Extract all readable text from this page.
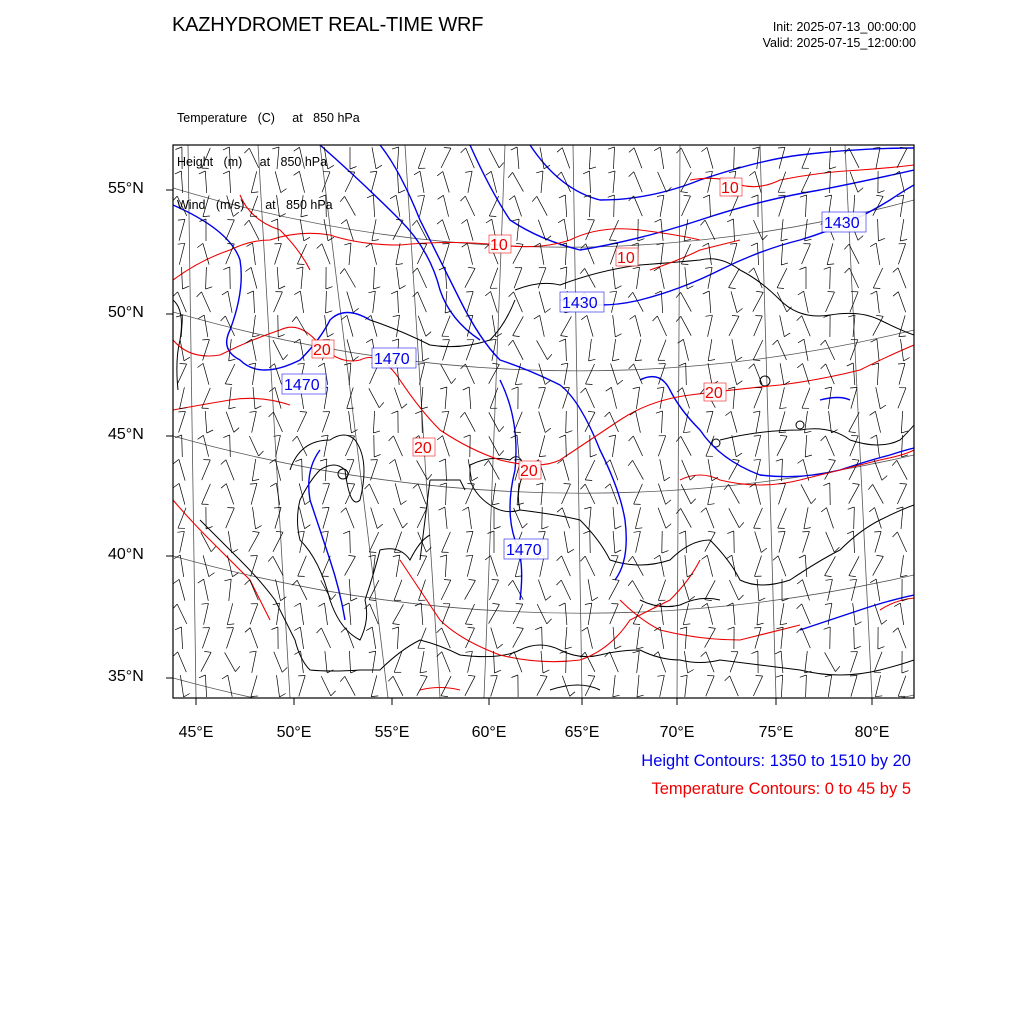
1430
1430
1470
1470
1470
10
10
10
20
20
20
20
KAZHYDROMET REAL-TIME WRF	Init: 2025-07-13_00:00:00
Valid: 2025-07-15_12:00:00

Temperature   (C)     at   850 hPa

Height   (m)     at   850 hPa

Wind   (m/s)      at   850 hPa

55°N
50°N
45°N
40°N
35°N
45°E	50°E	55°E	60°E	65°E	70°E	75°E	80°E
Height Contours: 1350 to 1510 by 20
Temperature Contours: 0 to 45 by 5
